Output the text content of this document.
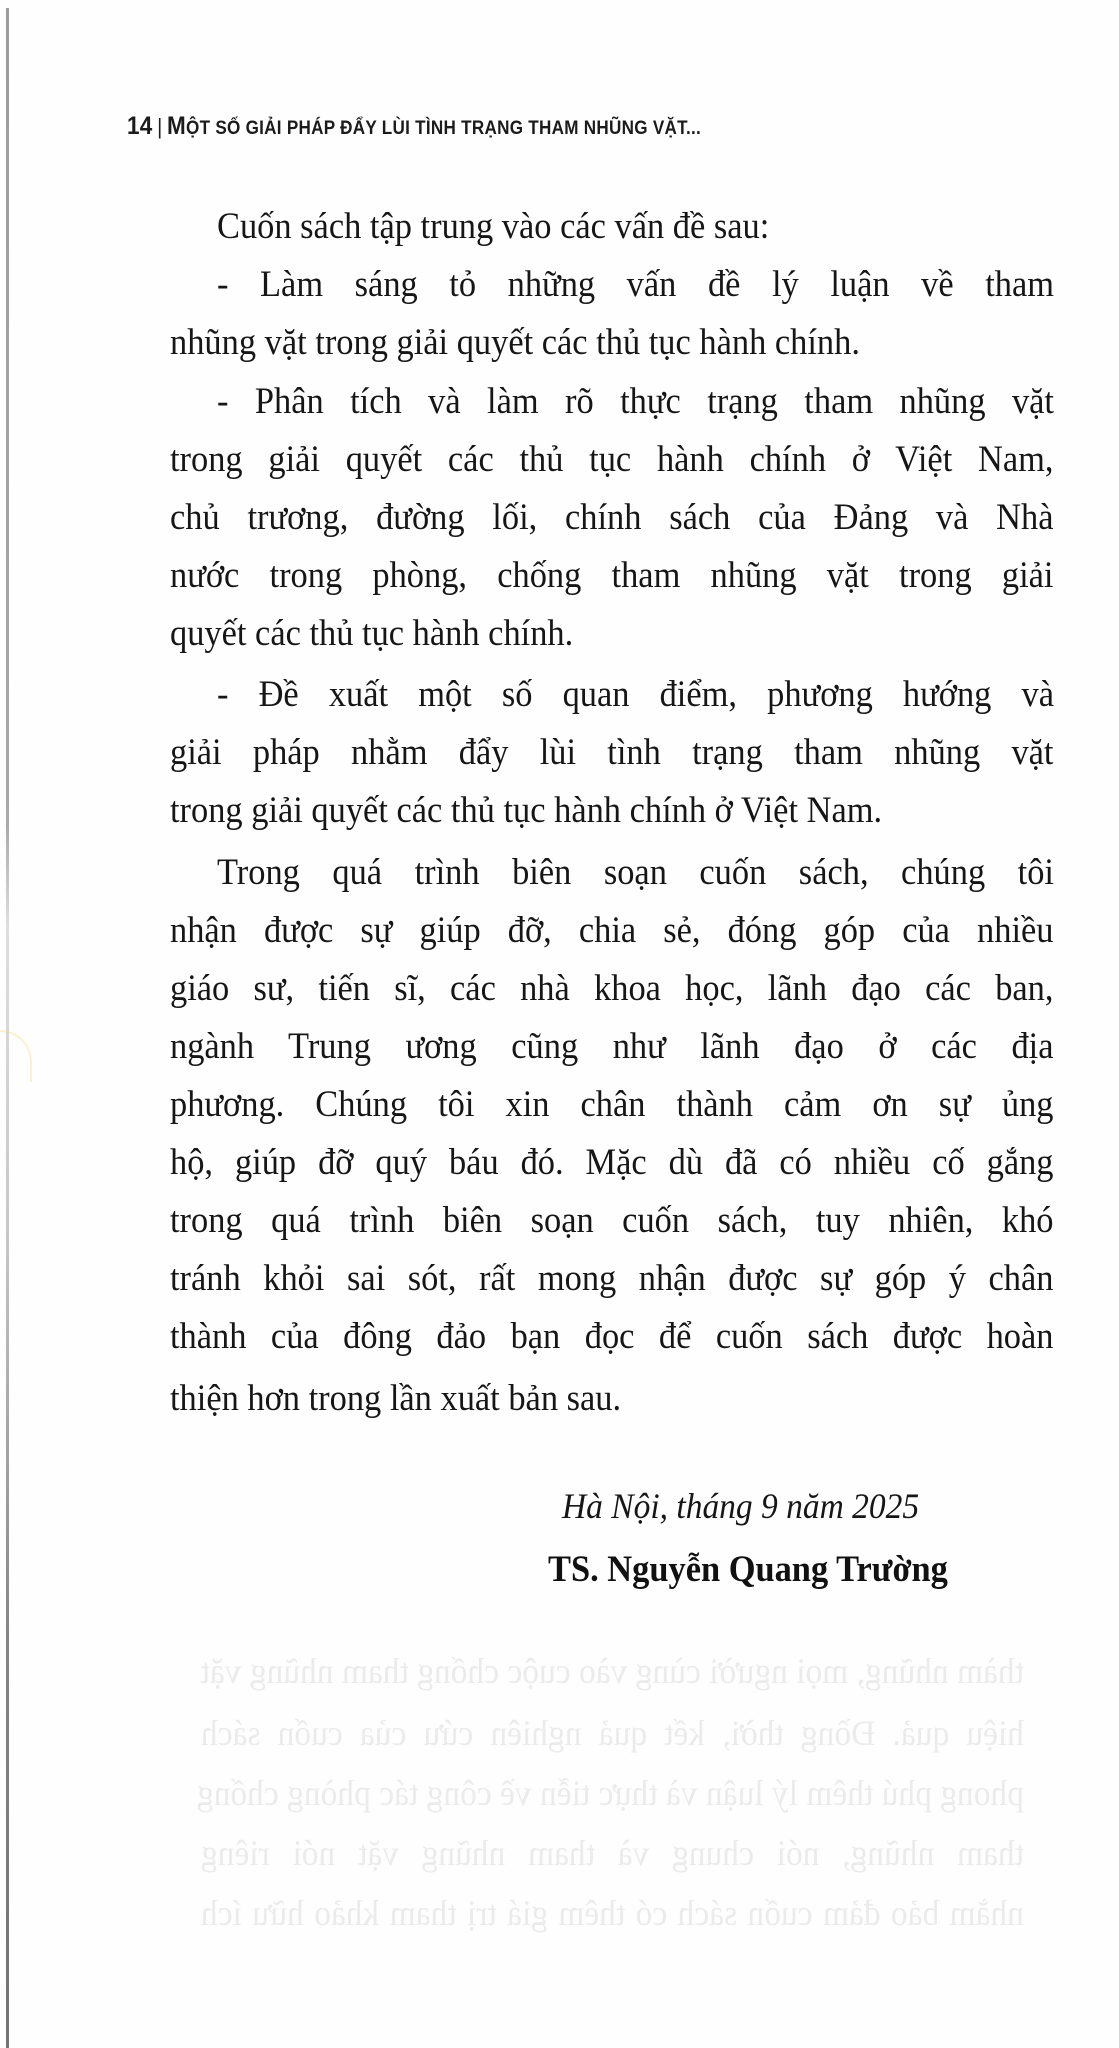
thàm nhũng, mọi người cùng vào cuộc chống tham nhũng vặt
hiệu quả. Đồng thời, kết quả nghiên cứu của cuốn sách
phong phú thêm lý luận và thực tiễn về công tác phòng chống
tham nhũng, nói chung và tham nhũng vặt nói riêng
nhằm bảo đảm cuốn sách có thêm giá trị tham khảo hữu ích
14 | MỘT SỐ GIẢI PHÁP ĐẨY LÙI TÌNH TRẠNG THAM NHŨNG VẶT...
Cuốn sách tập trung vào các vấn đề sau:
- Làm sáng tỏ những vấn đề lý luận về tham
nhũng vặt trong giải quyết các thủ tục hành chính.
- Phân tích và làm rõ thực trạng tham nhũng vặt
trong giải quyết các thủ tục hành chính ở Việt Nam,
chủ trương, đường lối, chính sách của Đảng và Nhà
nước trong phòng, chống tham nhũng vặt trong giải
quyết các thủ tục hành chính.
- Đề xuất một số quan điểm, phương hướng và
giải pháp nhằm đẩy lùi tình trạng tham nhũng vặt
trong giải quyết các thủ tục hành chính ở Việt Nam.
Trong quá trình biên soạn cuốn sách, chúng tôi
nhận được sự giúp đỡ, chia sẻ, đóng góp của nhiều
giáo sư, tiến sĩ, các nhà khoa học, lãnh đạo các ban,
ngành Trung ương cũng như lãnh đạo ở các địa
phương. Chúng tôi xin chân thành cảm ơn sự ủng
hộ, giúp đỡ quý báu đó. Mặc dù đã có nhiều cố gắng
trong quá trình biên soạn cuốn sách, tuy nhiên, khó
tránh khỏi sai sót, rất mong nhận được sự góp ý chân
thành của đông đảo bạn đọc để cuốn sách được hoàn
thiện hơn trong lần xuất bản sau.
Hà Nội, tháng 9 năm 2025
TS. Nguyễn Quang Trường
